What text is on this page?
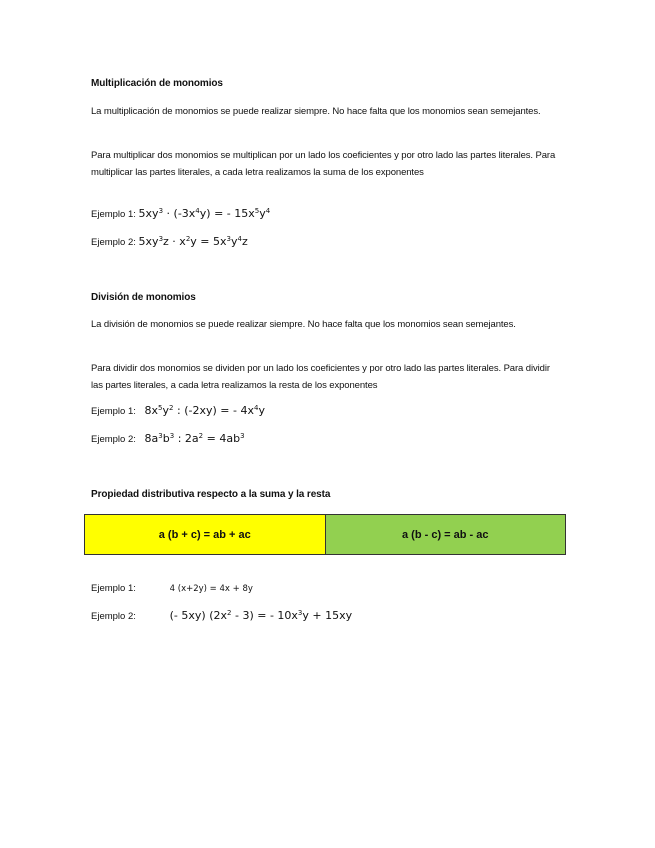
Multiplicación de monomios
La multiplicación de monomios se puede realizar siempre. No hace falta que los monomios sean semejantes.
Para multiplicar dos monomios se multiplican por un lado los coeficientes y por otro lado las partes literales. Para multiplicar las partes literales, a cada letra realizamos la suma de los exponentes
Ejemplo 1: $5xy^3 \cdot (-3x^4y)$ = - $15x^5y^4$
Ejemplo 2: $5xy^3z \cdot x^2y = 5x^3y^4z$
División de monomios
La división de monomios se puede realizar siempre. No hace falta que los monomios sean semejantes.
Para dividir dos monomios se dividen por un lado los coeficientes y por otro lado las partes literales. Para dividir las partes literales, a cada letra realizamos la resta de los exponentes
Ejemplo 1: $8x^5y^2$ : (-2xy) = - $4x^4y$
Ejemplo 2: $8a^3b^3$ : $2a^2 = 4ab^3$
Propiedad distributiva respecto a la suma y la resta
a (b + c) = ab + ac	a (b - c) = ab - ac
Ejemplo 1:	4 (x+2y) = 4x + 8y
Ejemplo 2:	(- 5xy) $(2x^2 - 3)$ = - $10x^3y + 15xy$
